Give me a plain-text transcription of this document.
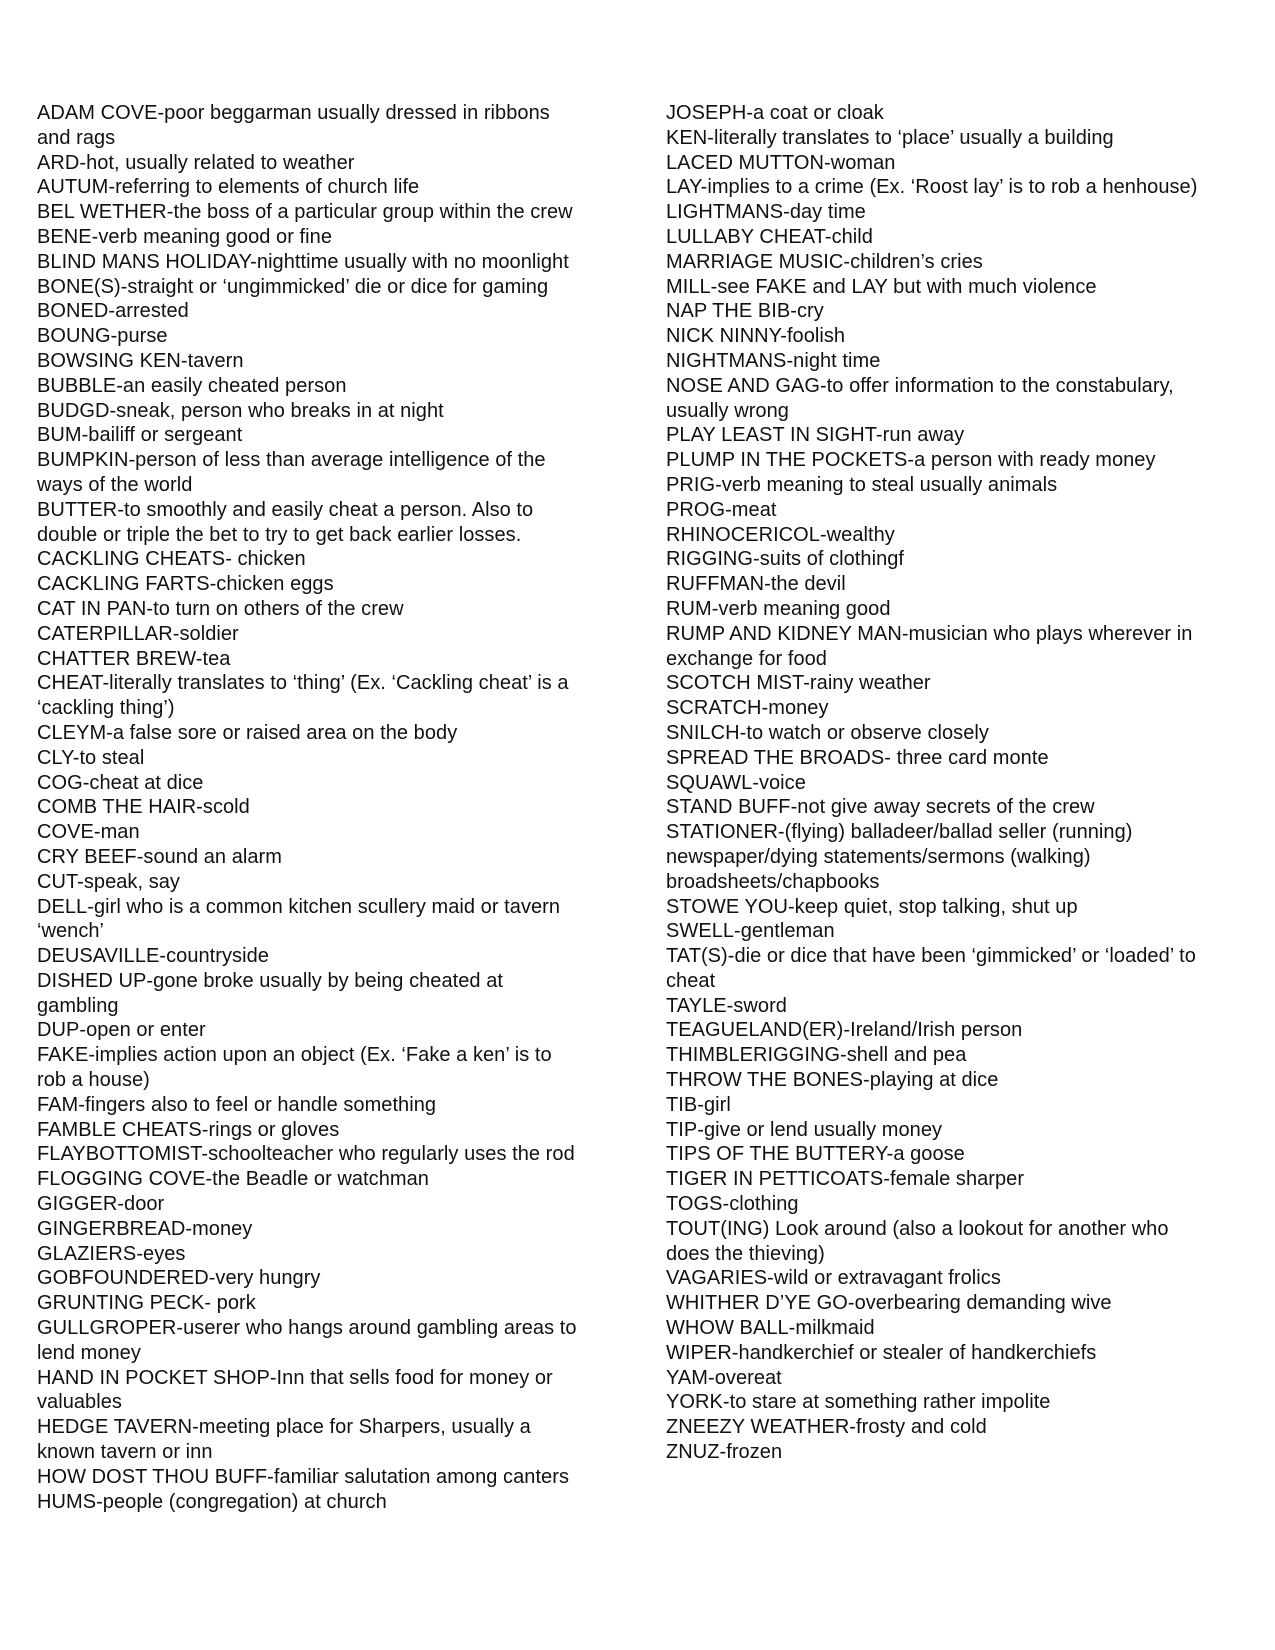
ADAM COVE-poor beggarman usually dressed in ribbons
and rags
ARD-hot, usually related to weather
AUTUM-referring to elements of church life
BEL WETHER-the boss of a particular group within the crew
BENE-verb meaning good or fine
BLIND MANS HOLIDAY-nighttime usually with no moonlight
BONE(S)-straight or ‘ungimmicked’ die or dice for gaming
BONED-arrested
BOUNG-purse
BOWSING KEN-tavern
BUBBLE-an easily cheated person
BUDGD-sneak, person who breaks in at night
BUM-bailiff or sergeant
BUMPKIN-person of less than average intelligence of the
ways of the world
BUTTER-to smoothly and easily cheat a person. Also to
double or triple the bet to try to get back earlier losses.
CACKLING CHEATS- chicken
CACKLING FARTS-chicken eggs
CAT IN PAN-to turn on others of the crew
CATERPILLAR-soldier
CHATTER BREW-tea
CHEAT-literally translates to ‘thing’ (Ex. ‘Cackling cheat’ is a
‘cackling thing’)
CLEYM-a false sore or raised area on the body
CLY-to steal
COG-cheat at dice
COMB THE HAIR-scold
COVE-man
CRY BEEF-sound an alarm
CUT-speak, say
DELL-girl who is a common kitchen scullery maid or tavern
‘wench’
DEUSAVILLE-countryside
DISHED UP-gone broke usually by being cheated at
gambling
DUP-open or enter
FAKE-implies action upon an object (Ex. ‘Fake a ken’ is to
rob a house)
FAM-fingers also to feel or handle something
FAMBLE CHEATS-rings or gloves
FLAYBOTTOMIST-schoolteacher who regularly uses the rod
FLOGGING COVE-the Beadle or watchman
GIGGER-door
GINGERBREAD-money
GLAZIERS-eyes
GOBFOUNDERED-very hungry
GRUNTING PECK- pork
GULLGROPER-userer who hangs around gambling areas to
lend money
HAND IN POCKET SHOP-Inn that sells food for money or
valuables
HEDGE TAVERN-meeting place for Sharpers, usually a
known tavern or inn
HOW DOST THOU BUFF-familiar salutation among canters
HUMS-people (congregation) at church
JOSEPH-a coat or cloak
KEN-literally translates to ‘place’ usually a building
LACED MUTTON-woman
LAY-implies to a crime (Ex. ‘Roost lay’ is to rob a henhouse)
LIGHTMANS-day time
LULLABY CHEAT-child
MARRIAGE MUSIC-children’s cries
MILL-see FAKE and LAY but with much violence
NAP THE BIB-cry
NICK NINNY-foolish
NIGHTMANS-night time
NOSE AND GAG-to offer information to the constabulary,
usually wrong
PLAY LEAST IN SIGHT-run away
PLUMP IN THE POCKETS-a person with ready money
PRIG-verb meaning to steal usually animals
PROG-meat
RHINOCERICOL-wealthy
RIGGING-suits of clothingf
RUFFMAN-the devil
RUM-verb meaning good
RUMP AND KIDNEY MAN-musician who plays wherever in
exchange for food
SCOTCH MIST-rainy weather
SCRATCH-money
SNILCH-to watch or observe closely
SPREAD THE BROADS- three card monte
SQUAWL-voice
STAND BUFF-not give away secrets of the crew
STATIONER-(flying) balladeer/ballad seller (running)
newspaper/dying statements/sermons (walking)
broadsheets/chapbooks
STOWE YOU-keep quiet, stop talking, shut up
SWELL-gentleman
TAT(S)-die or dice that have been ‘gimmicked’ or ‘loaded’ to
cheat
TAYLE-sword
TEAGUELAND(ER)-Ireland/Irish person
THIMBLERIGGING-shell and pea
THROW THE BONES-playing at dice
TIB-girl
TIP-give or lend usually money
TIPS OF THE BUTTERY-a goose
TIGER IN PETTICOATS-female sharper
TOGS-clothing
TOUT(ING) Look around (also a lookout for another who
does the thieving)
VAGARIES-wild or extravagant frolics
WHITHER D’YE GO-overbearing demanding wive
WHOW BALL-milkmaid
WIPER-handkerchief or stealer of handkerchiefs
YAM-overeat
YORK-to stare at something rather impolite
ZNEEZY WEATHER-frosty and cold
ZNUZ-frozen
